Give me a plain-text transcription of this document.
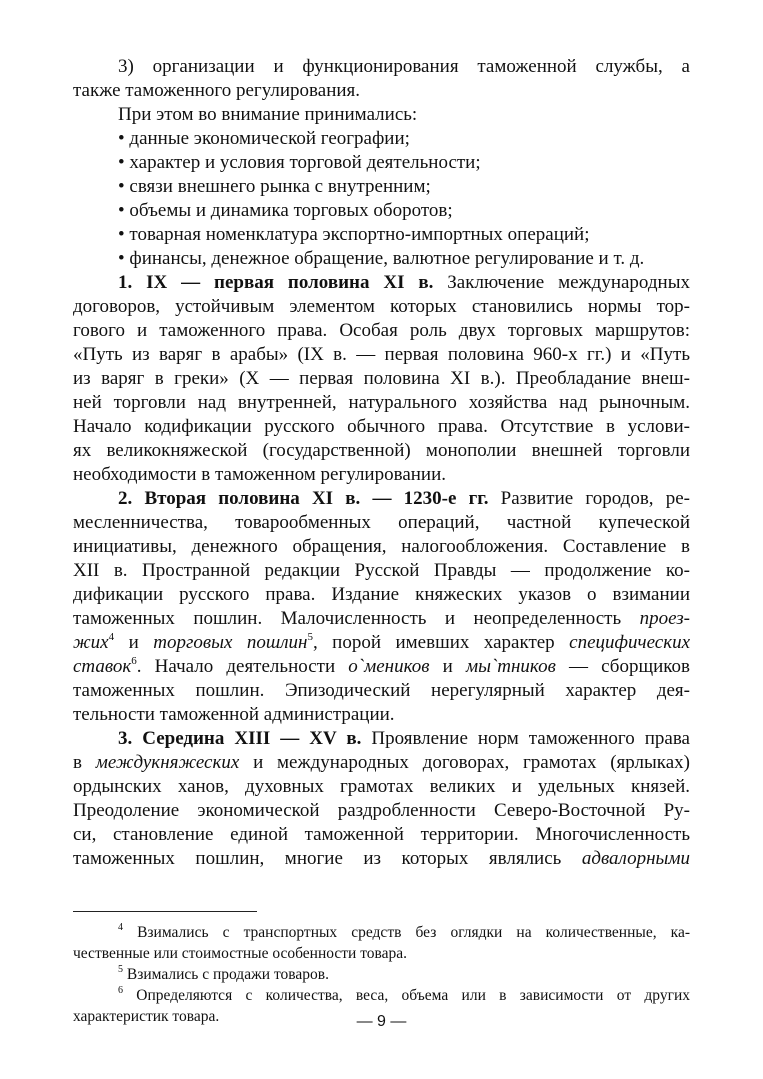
3) организации и функционирования таможенной службы, а
также таможенного регулирования.
При этом во внимание принимались:
• данные экономической географии;
• характер и условия торговой деятельности;
• связи внешнего рынка с внутренним;
• объемы и динамика торговых оборотов;
• товарная номенклатура экспортно-импортных операций;
• финансы, денежное обращение, валютное регулирование и т. д.
1. IX — первая половина XI в. Заключение международных
договоров, устойчивым элементом которых становились нормы тор-
гового и таможенного права. Особая роль двух торговых маршрутов:
«Путь из варяг в арабы» (IX в. — первая половина 960-х гг.) и «Путь
из варяг в греки» (X — первая половина XI в.). Преобладание внеш-
ней торговли над внутренней, натурального хозяйства над рыночным.
Начало кодификации русского обычного права. Отсутствие в услови-
ях великокняжеской (государственной) монополии внешней торговли
необходимости в таможенном регулировании.
2. Вторая половина XI в. — 1230-е гг. Развитие городов, ре-
месленничества, товарообменных операций, частной купеческой
инициативы, денежного обращения, налогообложения. Составление в
XII в. Пространной редакции Русской Правды — продолжение ко-
дификации русского права. Издание княжеских указов о взимании
таможенных пошлин. Малочисленность и неопределенность проез-
жих$^4$ и торговых пошлин$^5$, порой имевших характер специфических
ставок$^6$. Начало деятельности о`меников и мы`тников — сборщиков
таможенных пошлин. Эпизодический нерегулярный характер дея-
тельности таможенной администрации.
3. Середина XIII — XV в. Проявление норм таможенного права
в междукняжеских и международных договорах, грамотах (ярлыках)
ордынских ханов, духовных грамотах великих и удельных князей.
Преодоление экономической раздробленности Северо-Восточной Ру-
си, становление единой таможенной территории. Многочисленность
таможенных пошлин, многие из которых являлись адвалорными
$^4$ Взимались с транспортных средств без оглядки на количественные, ка-
чественные или стоимостные особенности товара.
$^5$ Взимались с продажи товаров.
$^6$ Определяются с количества, веса, объема или в зависимости от других
характеристик товара.	— 9 —
